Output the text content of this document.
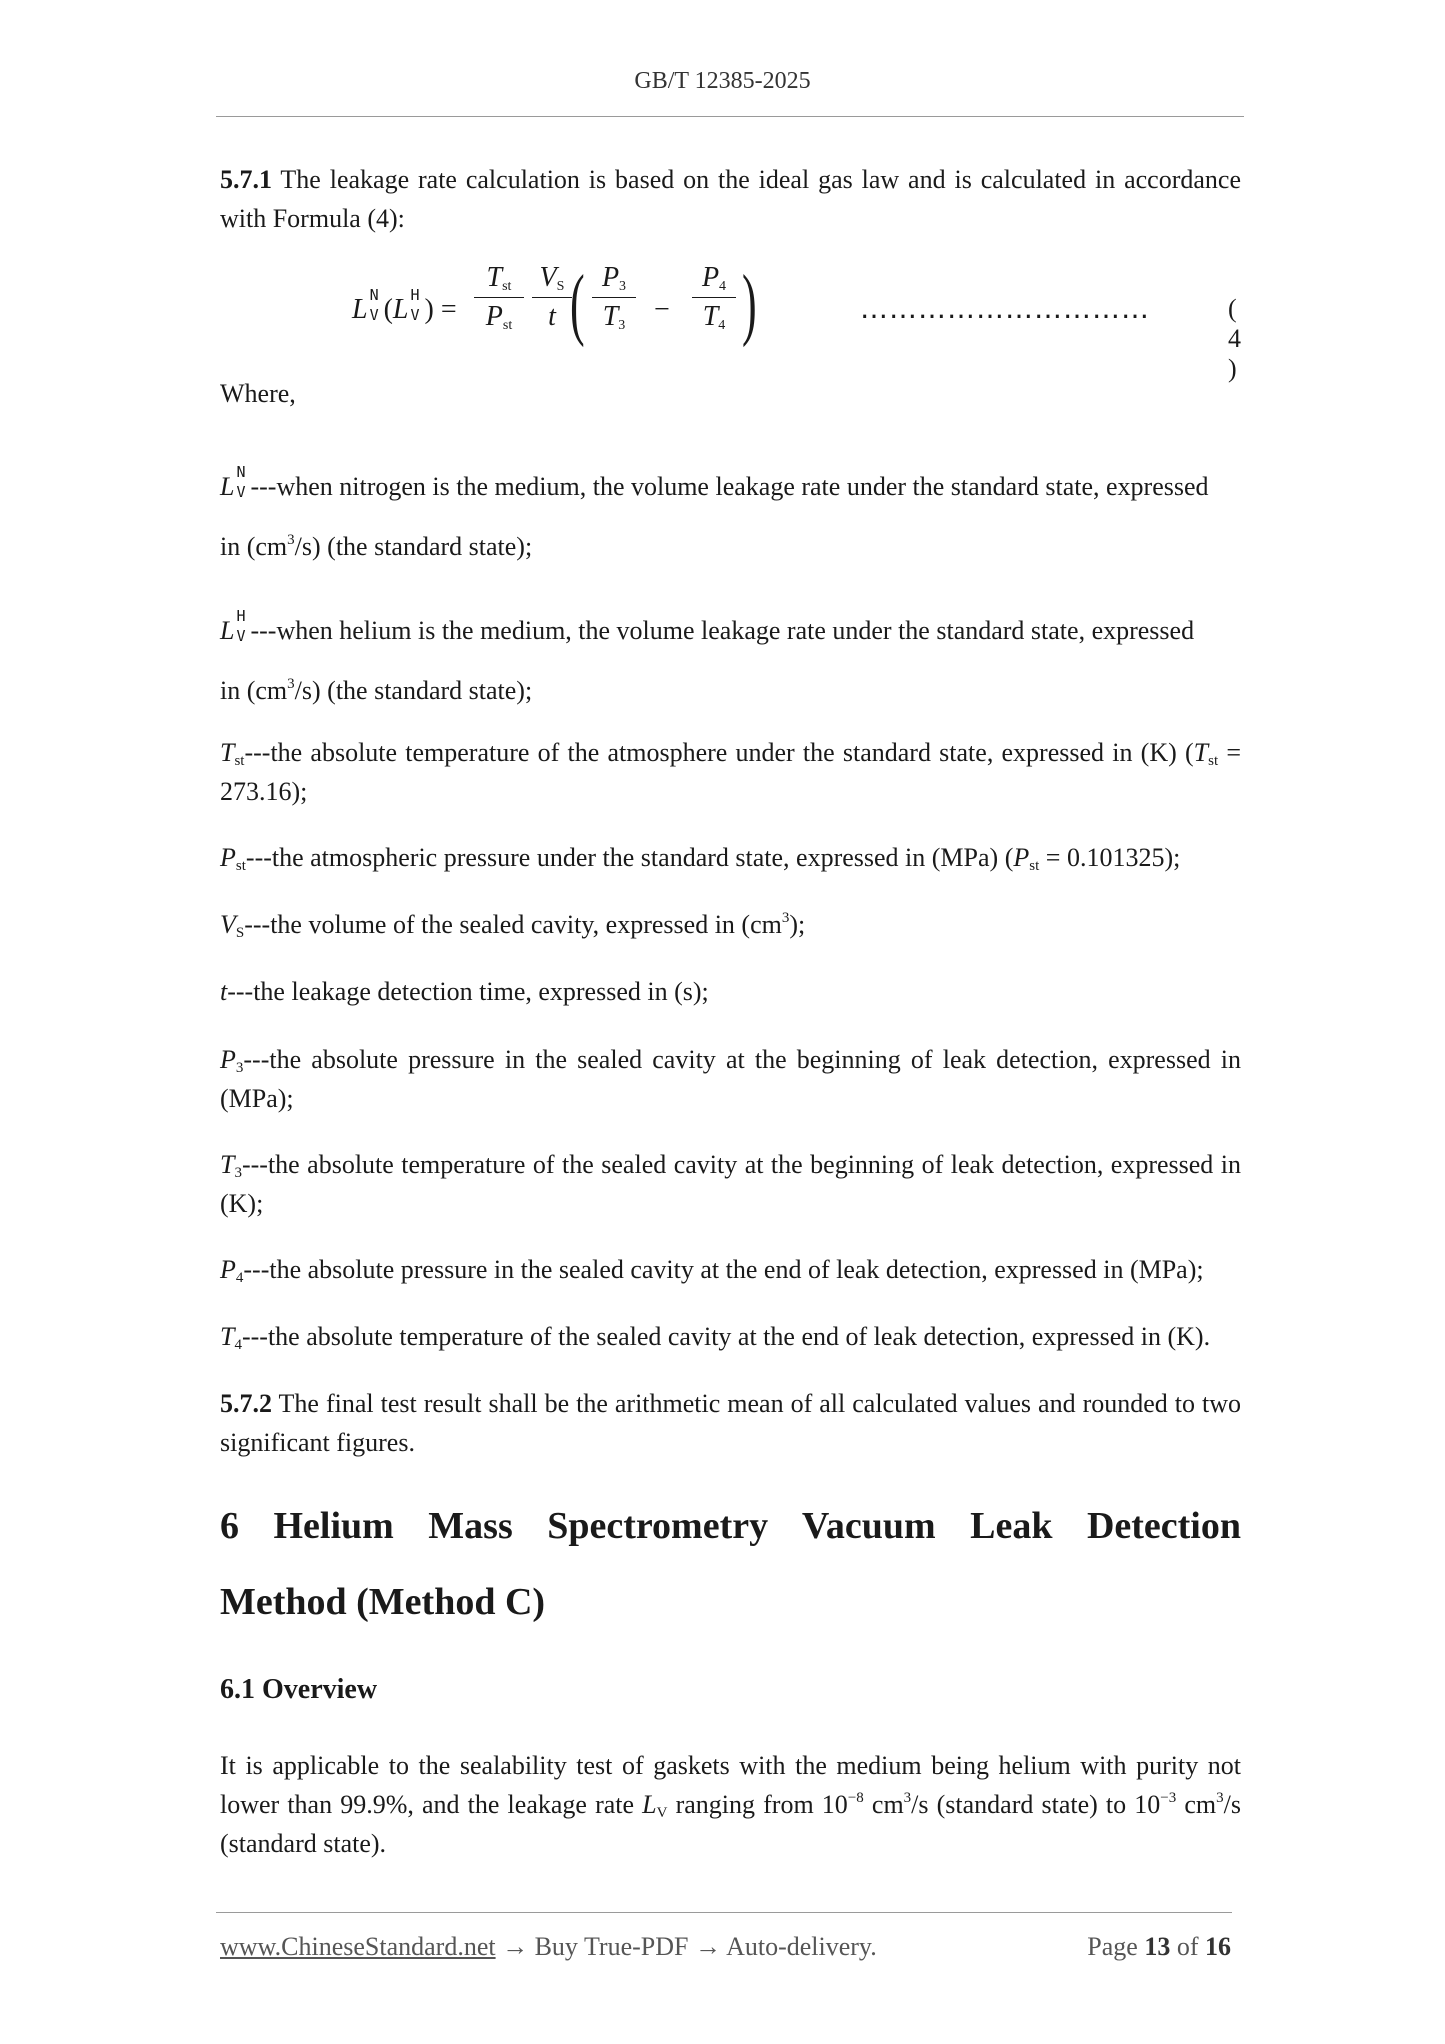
GB/T 12385-2025
5.7.1 The leakage rate calculation is based on the ideal gas law and is calculated in accordance with Formula (4):
L N
V (L H
V ) =
$T_{st}$
$P_{st} \frac{V_S}{t}$
( $\frac{P_3}{T_3} - \frac{P_4}{T_4}$ )	…………………………	( 4 )
Where,
L N
V ---when nitrogen is the medium, the volume leakage rate under the standard state, expressed
in $(cm^3/s)$ (the standard state);
L H
V ---when helium is the medium, the volume leakage rate under the standard state, expressed
in $(cm^3/s)$ (the standard state);
$T_{st}--$-the absolute temperature of the atmosphere under the standard state, expressed in (K) $(T_{st} = 273.16)$;
$P_{st}--$-the atmospheric pressure under the standard state, expressed in (MPa) $(P_{st} = 0.101325)$;
$V_S--$-the volume of the sealed cavity, expressed in $(cm^3)$;
t---the leakage detection time, expressed in (s);
$P_3--$-the absolute pressure in the sealed cavity at the beginning of leak detection, expressed in (MPa);
$T_3--$-the absolute temperature of the sealed cavity at the beginning of leak detection, expressed in (K);
$P_4--$-the absolute pressure in the sealed cavity at the end of leak detection, expressed in (MPa);
$T_4--$-the absolute temperature of the sealed cavity at the end of leak detection, expressed in (K).
5.7.2 The final test result shall be the arithmetic mean of all calculated values and rounded to two significant figures.
6 Helium Mass Spectrometry Vacuum Leak Detection
Method (Method C)
6.1 Overview
It is applicable to the sealability test of gaskets with the medium being helium with purity not lower than 99.9%, and the leakage rate $L_V$ ranging from $10^{-8}$ $cm^3/s$ (standard state) to $10^{-3}$ $cm^3/s$ (standard state).
www.ChineseStandard.net → Buy True-PDF → Auto-delivery.	Page 13 of 16
